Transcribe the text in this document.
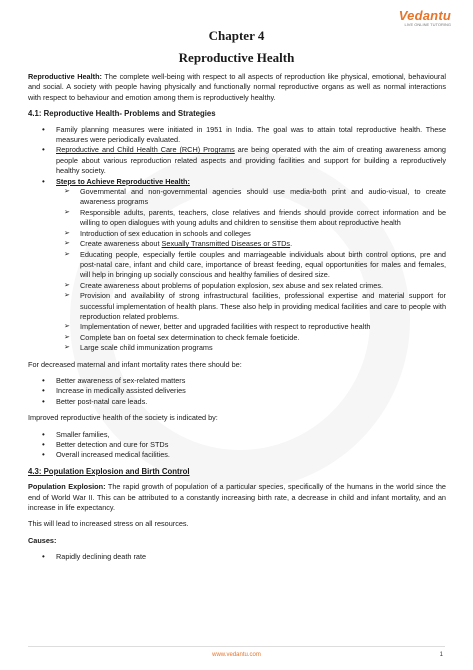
Vedantu
LIVE ONLINE TUTORING
Chapter 4
Reproductive Health

Reproductive Health: The complete well-being with respect to all aspects of reproduction like physical, emotional, behavioural and social. A society with people having physically and functionally normal reproductive organs as well as normal interactions with respect to behaviour and emotion among them is reproductively healthy.

4.1: Reproductive Health- Problems and Strategies
• Family planning measures were initiated in 1951 in India. The goal was to attain total reproductive health. These measures were periodically evaluated.
• Reproductive and Child Health Care (RCH) Programs are being operated with the aim of creating awareness among people about various reproduction related aspects and providing facilities and support for building a reproductively healthy society.
• Steps to Achieve Reproductive Health:
➢ Governmental and non-governmental agencies should use media-both print and audio-visual, to create awareness programs
➢ Responsible adults, parents, teachers, close relatives and friends should provide correct information and be willing to open dialogues with young adults and children to sensitise them about reproductive health
➢ Introduction of sex education in schools and colleges
➢ Create awareness about Sexually Transmitted Diseases or STDs.
➢ Educating people, especially fertile couples and marriageable individuals about birth control options, pre and post-natal care, infant and child care, importance of breast feeding, equal opportunities for males and females, will help in bringing up socially conscious and healthy families of desired size.
➢ Create awareness about problems of population explosion, sex abuse and sex related crimes.
➢ Provision and availability of strong infrastructural facilities, professional expertise and material support for successful implementation of health plans. These also help in providing medical facilities and care to people with reproduction related problems.
➢ Implementation of newer, better and upgraded facilities with respect to reproductive health
➢ Complete ban on foetal sex determination to check female foeticide.
➢ Large scale child immunization programs

For decreased maternal and infant mortality rates there should be:

• Better awareness of sex-related matters
• Increase in medically assisted deliveries
• Better post-natal care leads.

Improved reproductive health of the society is indicated by:

• Smaller families,
• Better detection and cure for STDs
• Overall increased medical facilities.
4.3: Population Explosion and Birth Control

Population Explosion: The rapid growth of population of a particular species, specifically of the humans in the world since the end of World War II. This can be attributed to a constantly increasing birth rate, a decrease in child and infant mortality, and an increase in life expectancy.

This will lead to increased stress on all resources.

Causes:

• Rapidly declining death rate
www.vedantu.com	1
